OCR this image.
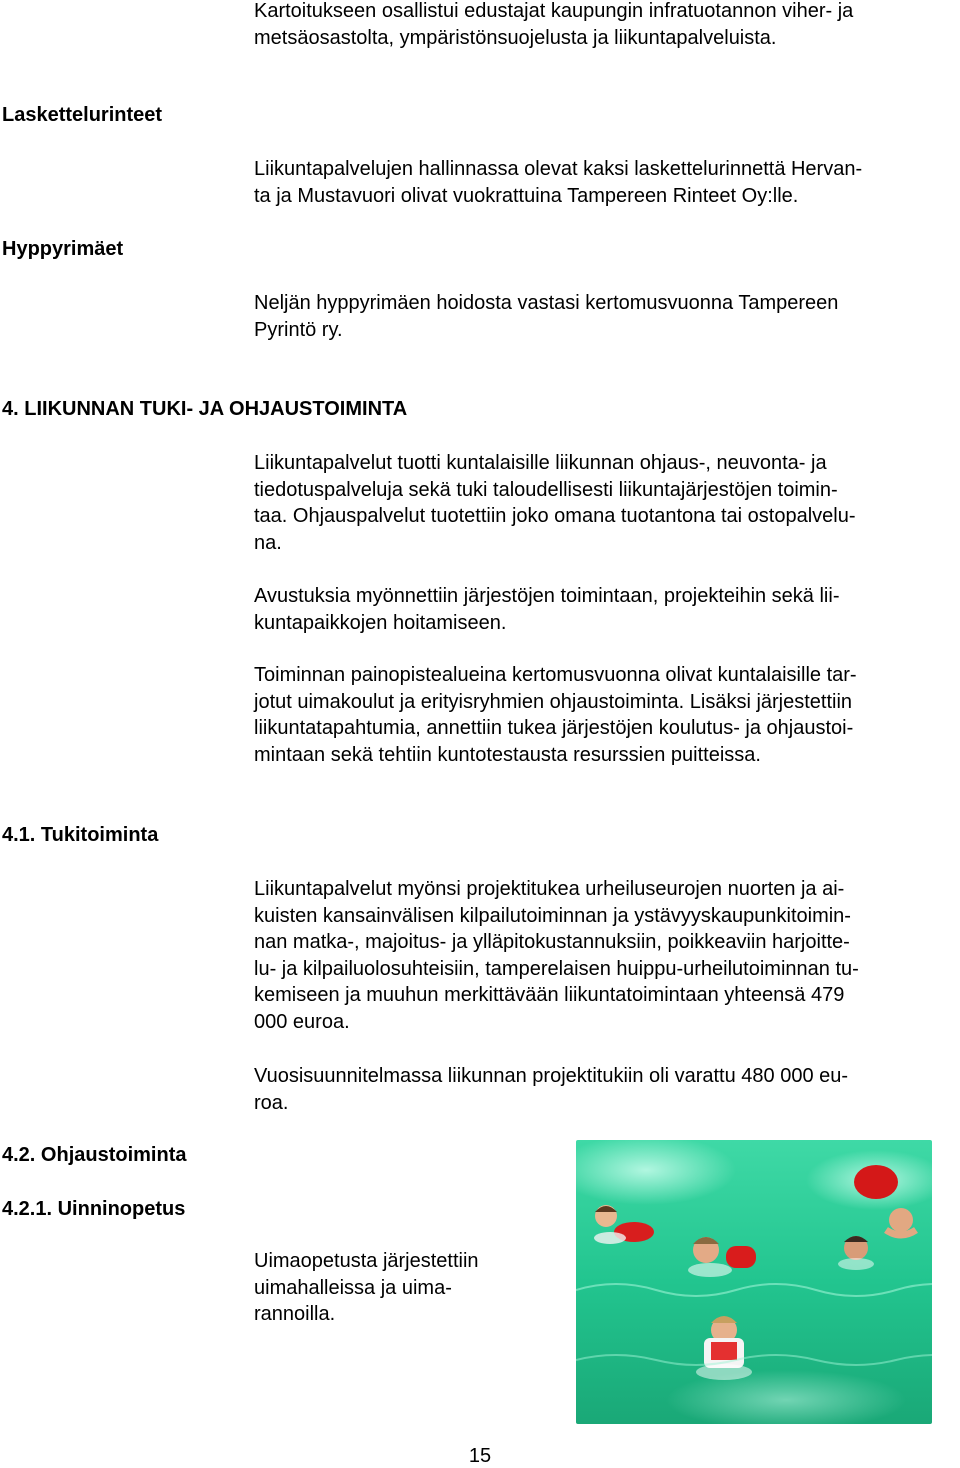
Kartoitukseen osallistui edustajat kaupungin infratuotannon viher- ja
metsäosastolta, ympäristönsuojelusta ja liikuntapalveluista.

Laskettelurinteet

Liikuntapalvelujen hallinnassa olevat kaksi laskettelurinnettä Hervan-
ta ja Mustavuori olivat vuokrattuina Tampereen Rinteet Oy:lle.

Hyppyrimäet

Neljän hyppyrimäen hoidosta vastasi kertomusvuonna Tampereen
Pyrintö ry.

4. LIIKUNNAN TUKI- JA OHJAUSTOIMINTA

Liikuntapalvelut tuotti kuntalaisille liikunnan ohjaus-, neuvonta- ja
tiedotuspalveluja sekä tuki taloudellisesti liikuntajärjestöjen toimin-
taa. Ohjauspalvelut tuotettiin joko omana tuotantona tai ostopalvelu-
na.

Avustuksia myönnettiin järjestöjen toimintaan, projekteihin sekä lii-
kuntapaikkojen hoitamiseen.

Toiminnan painopistealueina kertomusvuonna olivat kuntalaisille tar-
jotut uimakoulut ja erityisryhmien ohjaustoiminta. Lisäksi järjestettiin
liikuntatapahtumia, annettiin tukea järjestöjen koulutus- ja ohjaustoi-
mintaan sekä tehtiin kuntotestausta resurssien puitteissa.

4.1. Tukitoiminta

Liikuntapalvelut myönsi projektitukea urheiluseurojen nuorten ja ai-
kuisten kansainvälisen kilpailutoiminnan ja ystävyyskaupunkitoimin-
nan matka-, majoitus- ja ylläpitokustannuksiin, poikkeaviin harjoitte-
lu- ja kilpailuolosuhteisiin, tamperelaisen huippu-urheilutoiminnan tu-
kemiseen ja muuhun merkittävään liikuntatoimintaan yhteensä 479
000 euroa.

Vuosisuunnitelmassa liikunnan projektitukiin oli varattu 480 000 eu-
roa.

4.2. Ohjaustoiminta
4.2.1. Uinninopetus

Uimaopetusta järjestettiin
uimahalleissa ja uima-
rannoilla.

15
